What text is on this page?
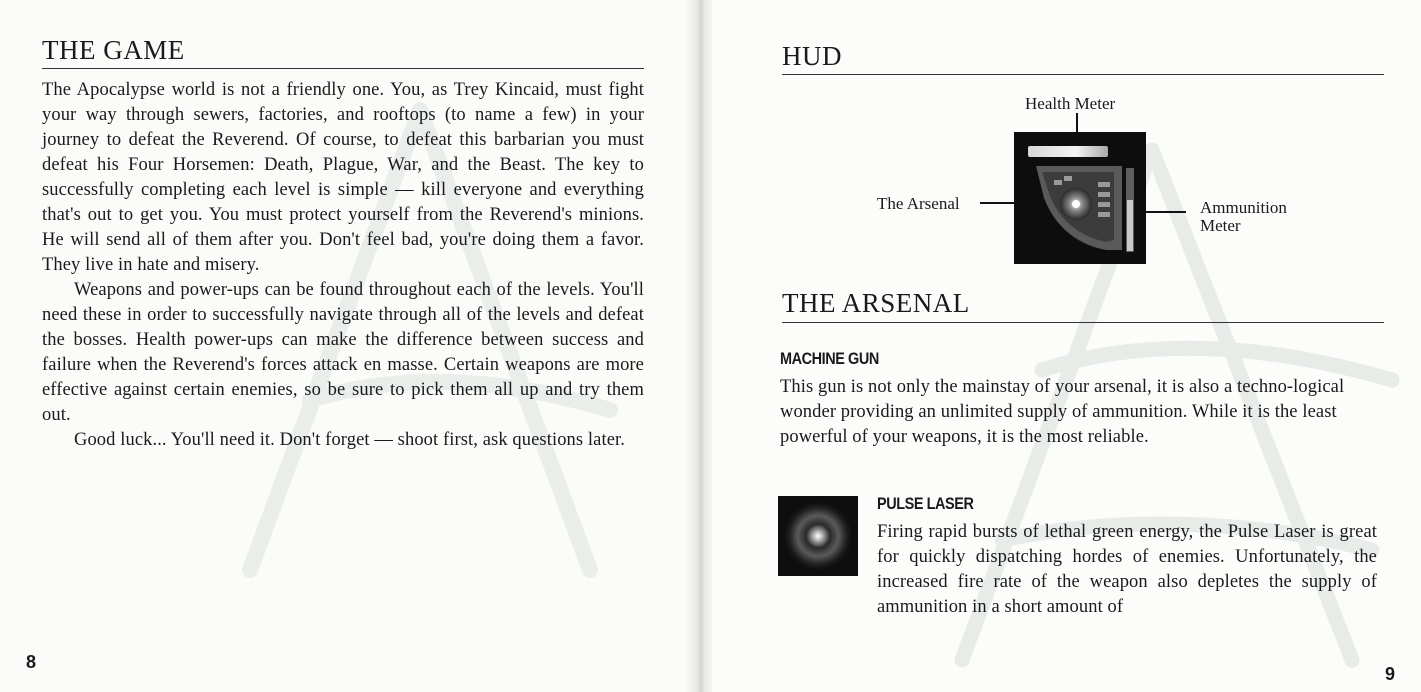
THE GAME

The Apocalypse world is not a friendly one. You, as Trey Kincaid, must fight your way through sewers, factories, and rooftops (to name a few) in your journey to defeat the Reverend. Of course, to defeat this barbarian you must defeat his Four Horsemen: Death, Plague, War, and the Beast. The key to successfully completing each level is simple — kill everyone and everything that's out to get you. You must protect yourself from the Reverend's minions. He will send all of them after you. Don't feel bad, you're doing them a favor. They live in hate and misery.

Weapons and power-ups can be found throughout each of the levels. You'll need these in order to successfully navigate through all of the levels and defeat the bosses. Health power-ups can make the difference between success and failure when the Reverend's forces attack en masse. Certain weapons are more effective against certain enemies, so be sure to pick them all up and try them out.

Good luck... You'll need it. Don't forget — shoot first, ask questions later.

8
HUD
Health Meter
The Arsenal	Ammunition
Meter
THE ARSENAL
MACHINE GUN

This gun is not only the mainstay of your arsenal, it is also a techno-logical wonder providing an unlimited supply of ammunition. While it is the least powerful of your weapons, it is the most reliable.

PULSE LASER

Firing rapid bursts of lethal green energy, the Pulse Laser is great for quickly dispatching hordes of enemies. Unfortunately, the increased fire rate of the weapon also depletes the supply of ammunition in a short amount of

9
